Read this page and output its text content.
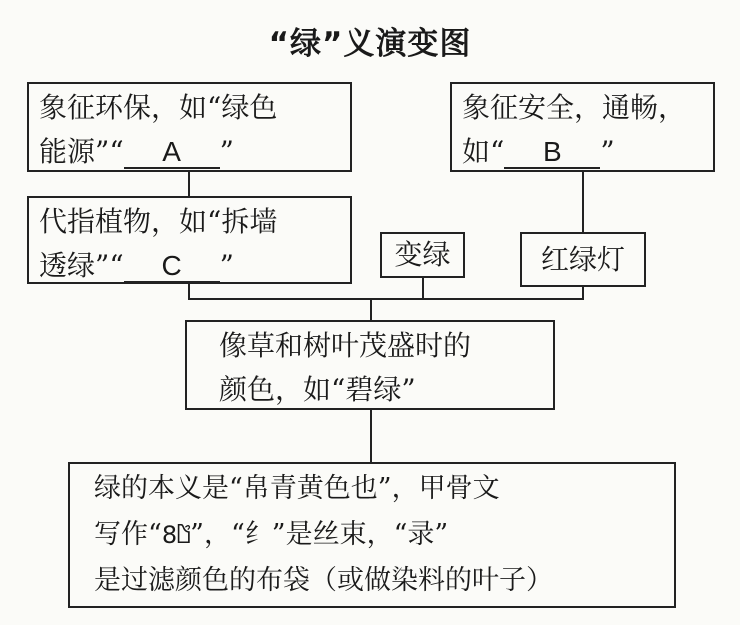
“绿”义演变图
象征环保，如“绿色
能源”“ A ”
象征安全，通畅，
如“ B ”
代指植物，如“拆墙
透绿”“ C ”	变绿	红绿灯
像草和树叶茂盛时的
颜色，如“碧绿”
绿的本义是“帛青黄色也”，甲骨文
写作“8𐀃”，“纟”是丝束，“录”
是过滤颜色的布袋（或做染料的叶子）
